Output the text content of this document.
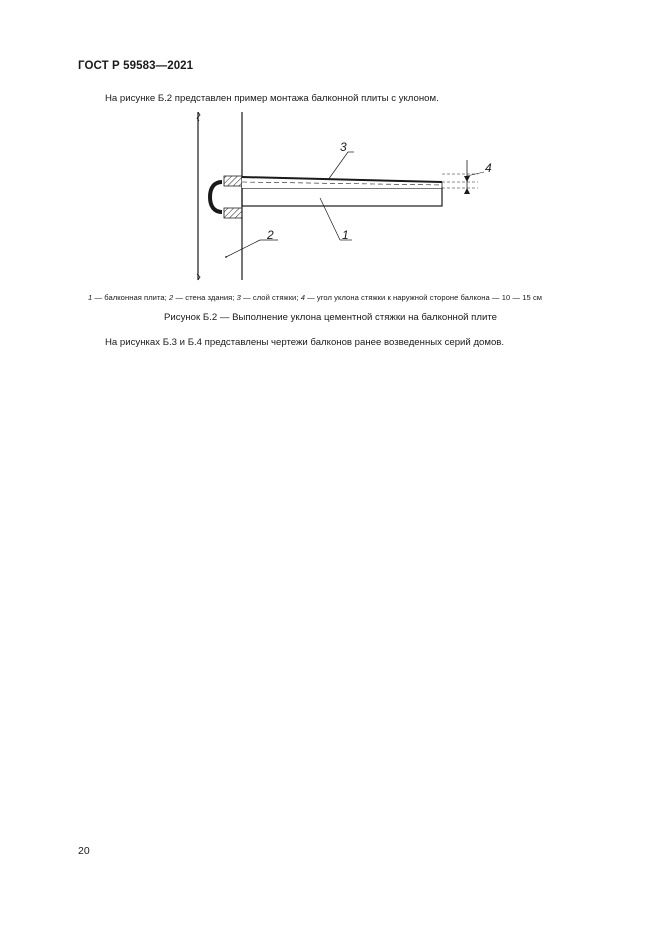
ГОСТ Р 59583—2021
На рисунке Б.2 представлен пример монтажа балконной плиты с уклоном.
3
4
1
2
1 — балконная плита; 2 — стена здания; 3 — слой стяжки; 4 — угол уклона стяжки к наружной стороне балкона — 10 — 15 см
Рисунок Б.2 — Выполнение уклона цементной стяжки на балконной плите
На рисунках Б.3 и Б.4 представлены чертежи балконов ранее возведенных серий домов.
20
